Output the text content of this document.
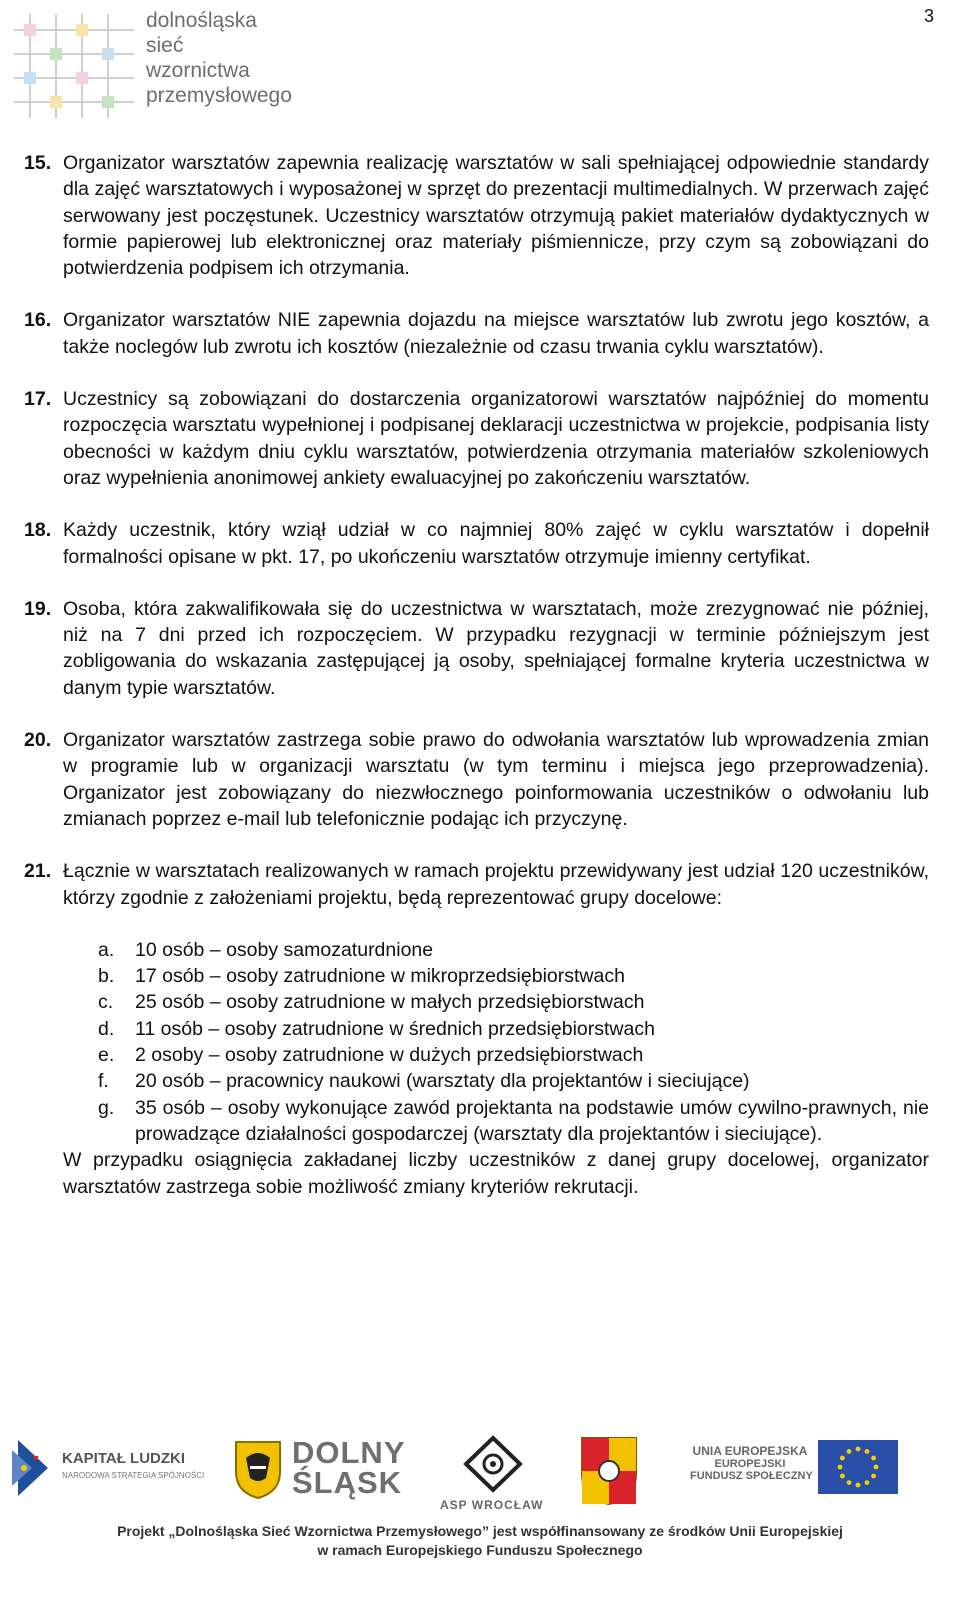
3
dolnośląska
sieć
wzornictwa
przemysłowego
15. Organizator warsztatów zapewnia realizację warsztatów w sali spełniającej odpowiednie standardy dla zajęć warsztatowych i wyposażonej w sprzęt do prezentacji multimedialnych. W przerwach zajęć serwowany jest poczęstunek. Uczestnicy warsztatów otrzymują pakiet materiałów dydaktycznych w formie papierowej lub elektronicznej oraz materiały piśmiennicze, przy czym są zobowiązani do potwierdzenia podpisem ich otrzymania.
16. Organizator warsztatów NIE zapewnia dojazdu na miejsce warsztatów lub zwrotu jego kosztów, a także noclegów lub zwrotu ich kosztów (niezależnie od czasu trwania cyklu warsztatów).
17. Uczestnicy są zobowiązani do dostarczenia organizatorowi warsztatów najpóźniej do momentu rozpoczęcia warsztatu wypełnionej i podpisanej deklaracji uczestnictwa w projekcie, podpisania listy obecności w każdym dniu cyklu warsztatów, potwierdzenia otrzymania materiałów szkoleniowych oraz wypełnienia anonimowej ankiety ewaluacyjnej po zakończeniu warsztatów.
18. Każdy uczestnik, który wziął udział w co najmniej 80% zajęć w cyklu warsztatów i dopełnił formalności opisane w pkt. 17, po ukończeniu warsztatów otrzymuje imienny certyfikat.
19. Osoba, która zakwalifikowała się do uczestnictwa w warsztatach, może zrezygnować nie później, niż na 7 dni przed ich rozpoczęciem. W przypadku rezygnacji w terminie późniejszym jest zobligowania do wskazania zastępującej ją osoby, spełniającej formalne kryteria uczestnictwa w danym typie warsztatów.
20. Organizator warsztatów zastrzega sobie prawo do odwołania warsztatów lub wprowadzenia zmian w programie lub w organizacji warsztatu (w tym terminu i miejsca jego przeprowadzenia). Organizator jest zobowiązany do niezwłocznego poinformowania uczestników o odwołaniu lub zmianach poprzez e-mail lub telefonicznie podając ich przyczynę.
21. Łącznie w warsztatach realizowanych w ramach projektu przewidywany jest udział 120 uczestników, którzy zgodnie z założeniami projektu, będą reprezentować grupy docelowe:
a.	10 osób – osoby samozaturdnione
b.	17 osób – osoby zatrudnione w mikroprzedsiębiorstwach
c.	25 osób – osoby zatrudnione w małych przedsiębiorstwach
d.	11 osób – osoby zatrudnione w średnich przedsiębiorstwach
e.	2 osoby – osoby zatrudnione w dużych przedsiębiorstwach
f.	20 osób – pracownicy naukowi (warsztaty dla projektantów i sieciujące)
g.	35 osób – osoby wykonujące zawód projektanta na podstawie umów cywilno-prawnych, nie prowadzące działalności gospodarczej (warsztaty dla projektantów i sieciujące).
W przypadku osiągnięcia zakładanej liczby uczestników z danej grupy docelowej, organizator warsztatów zastrzega sobie możliwość zmiany kryteriów rekrutacji.
KAPITAŁ LUDZKI
NARODOWA STRATEGIA SPÓJNOŚCI
DOLNY
ŚLĄSK
ASP WROCŁAW
UNIA EUROPEJSKA
EUROPEJSKI
FUNDUSZ SPOŁECZNY
Projekt „Dolnośląska Sieć Wzornictwa Przemysłowego” jest współfinansowany ze środków Unii Europejskiej
w ramach Europejskiego Funduszu Społecznego
